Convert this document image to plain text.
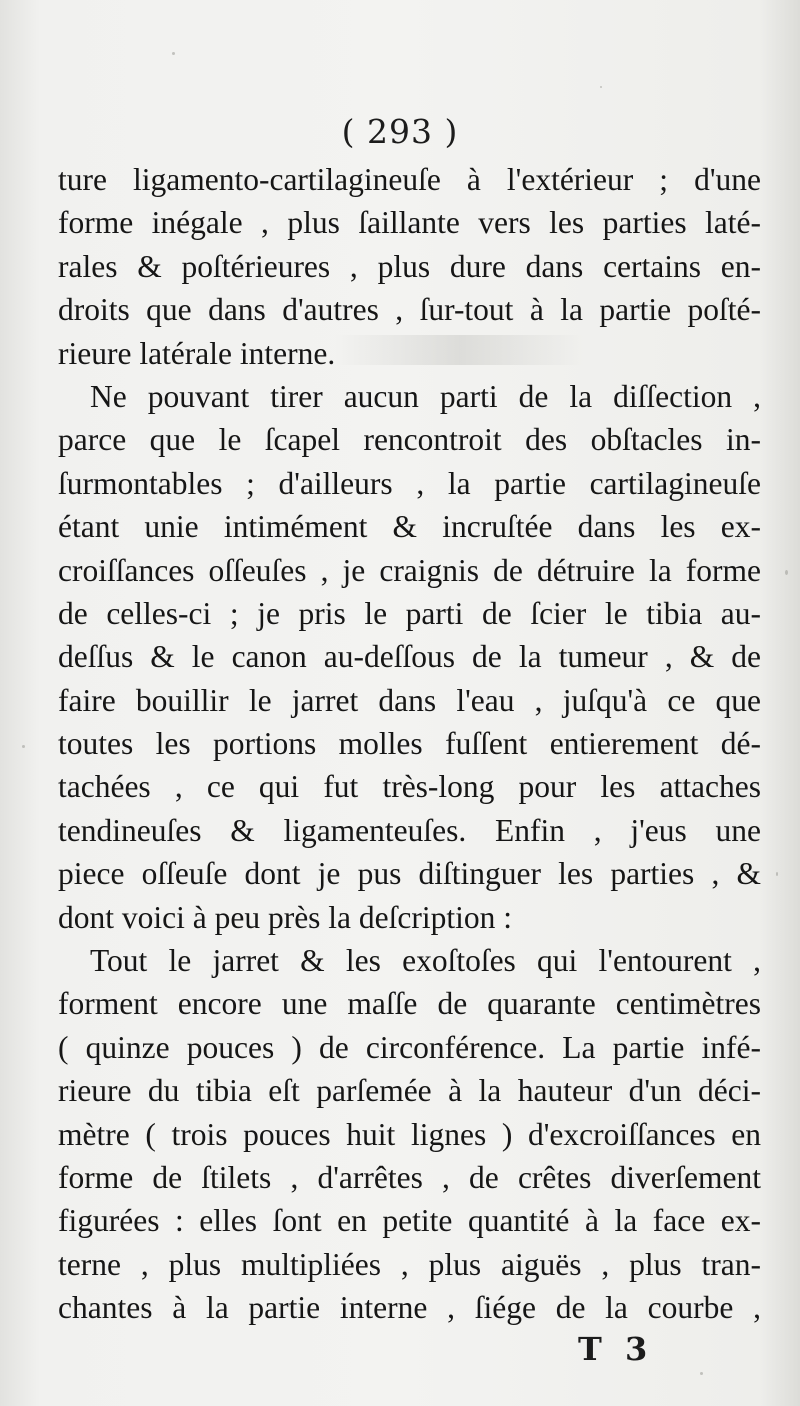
( 293 )
ture ligamento-cartilagineuſe à l'extérieur ; d'une
forme inégale , plus ſaillante vers les parties laté-
rales & poſtérieures , plus dure dans certains en-
droits que dans d'autres , ſur-tout à la partie poſté-
rieure latérale interne.
Ne pouvant tirer aucun parti de la diſſection ,
parce que le ſcapel rencontroit des obſtacles in-
ſurmontables ; d'ailleurs , la partie cartilagineuſe
étant unie intimément & incruſtée dans les ex-
croiſſances oſſeuſes , je craignis de détruire la forme
de celles-ci ; je pris le parti de ſcier le tibia au-
deſſus & le canon au-deſſous de la tumeur , & de
faire bouillir le jarret dans l'eau , juſqu'à ce que
toutes les portions molles fuſſent entierement dé-
tachées , ce qui fut très-long pour les attaches
tendineuſes & ligamenteuſes. Enfin , j'eus une
piece oſſeuſe dont je pus diſtinguer les parties , &
dont voici à peu près la deſcription :
Tout le jarret & les exoſtoſes qui l'entourent ,
forment encore une maſſe de quarante centimètres
( quinze pouces ) de circonférence. La partie infé-
rieure du tibia eſt parſemée à la hauteur d'un déci-
mètre ( trois pouces huit lignes ) d'excroiſſances en
forme de ſtilets , d'arrêtes , de crêtes diverſement
figurées : elles ſont en petite quantité à la face ex-
terne , plus multipliées , plus aiguës , plus tran-
chantes à la partie interne , ſiége de la courbe ,
T 3
